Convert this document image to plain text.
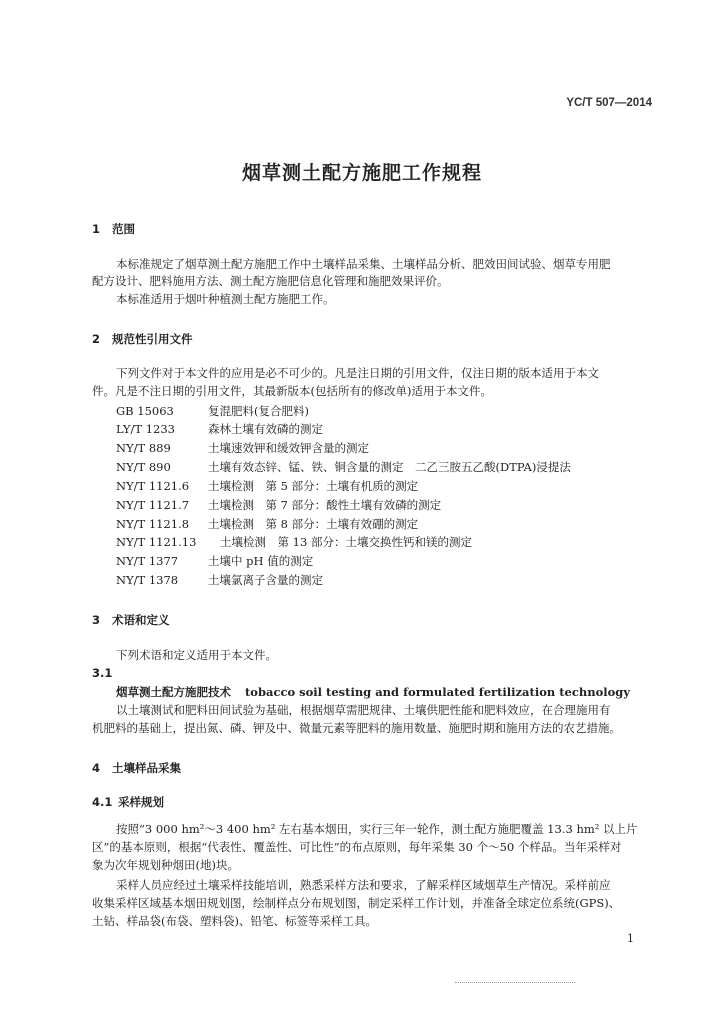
YC/T 507—2014
烟草测土配方施肥工作规程
1 范围
本标准规定了烟草测土配方施肥工作中土壤样品采集、土壤样品分析、肥效田间试验、烟草专用肥
配方设计、肥料施用方法、测土配方施肥信息化管理和施肥效果评价。
本标准适用于烟叶种植测土配方施肥工作。
2 规范性引用文件
下列文件对于本文件的应用是必不可少的。凡是注日期的引用文件，仅注日期的版本适用于本文
件。凡是不注日期的引用文件，其最新版本(包括所有的修改单)适用于本文件。
GB 15063	复混肥料(复合肥料)
LY/T 1233	森林土壤有效磷的测定
NY/T 889	土壤速效钾和缓效钾含量的测定
NY/T 890	土壤有效态锌、锰、铁、铜含量的测定　二乙三胺五乙酸(DTPA)浸提法
NY/T 1121.6 土壤检测　第 5 部分：土壤有机质的测定
NY/T 1121.7 土壤检测　第 7 部分：酸性土壤有效磷的测定
NY/T 1121.8 土壤检测　第 8 部分：土壤有效硼的测定
NY/T 1121.13 土壤检测　第 13 部分：土壤交换性钙和镁的测定
NY/T 1377	土壤中 pH 值的测定
NY/T 1378	土壤氯离子含量的测定
3 术语和定义
下列术语和定义适用于本文件。
3.1
烟草测土配方施肥技术 tobacco soil testing and formulated fertilization technology
以土壤测试和肥料田间试验为基础，根据烟草需肥规律、土壤供肥性能和肥料效应，在合理施用有
机肥料的基础上，提出氮、磷、钾及中、微量元素等肥料的施用数量、施肥时期和施用方法的农艺措施。
4 土壤样品采集
4.1 采样规划
按照“3 000 hm²～3 400 hm² 左右基本烟田，实行三年一轮作，测土配方施肥覆盖 13.3 hm² 以上片
区”的基本原则，根据“代表性、覆盖性、可比性”的布点原则，每年采集 30 个～50 个样品。当年采样对
象为次年规划种烟田(地)块。
采样人员应经过土壤采样技能培训，熟悉采样方法和要求，了解采样区域烟草生产情况。采样前应
收集采样区域基本烟田规划图，绘制样点分布规划图，制定采样工作计划，并准备全球定位系统(GPS)、
土钻、样品袋(布袋、塑料袋)、铅笔、标签等采样工具。
1
